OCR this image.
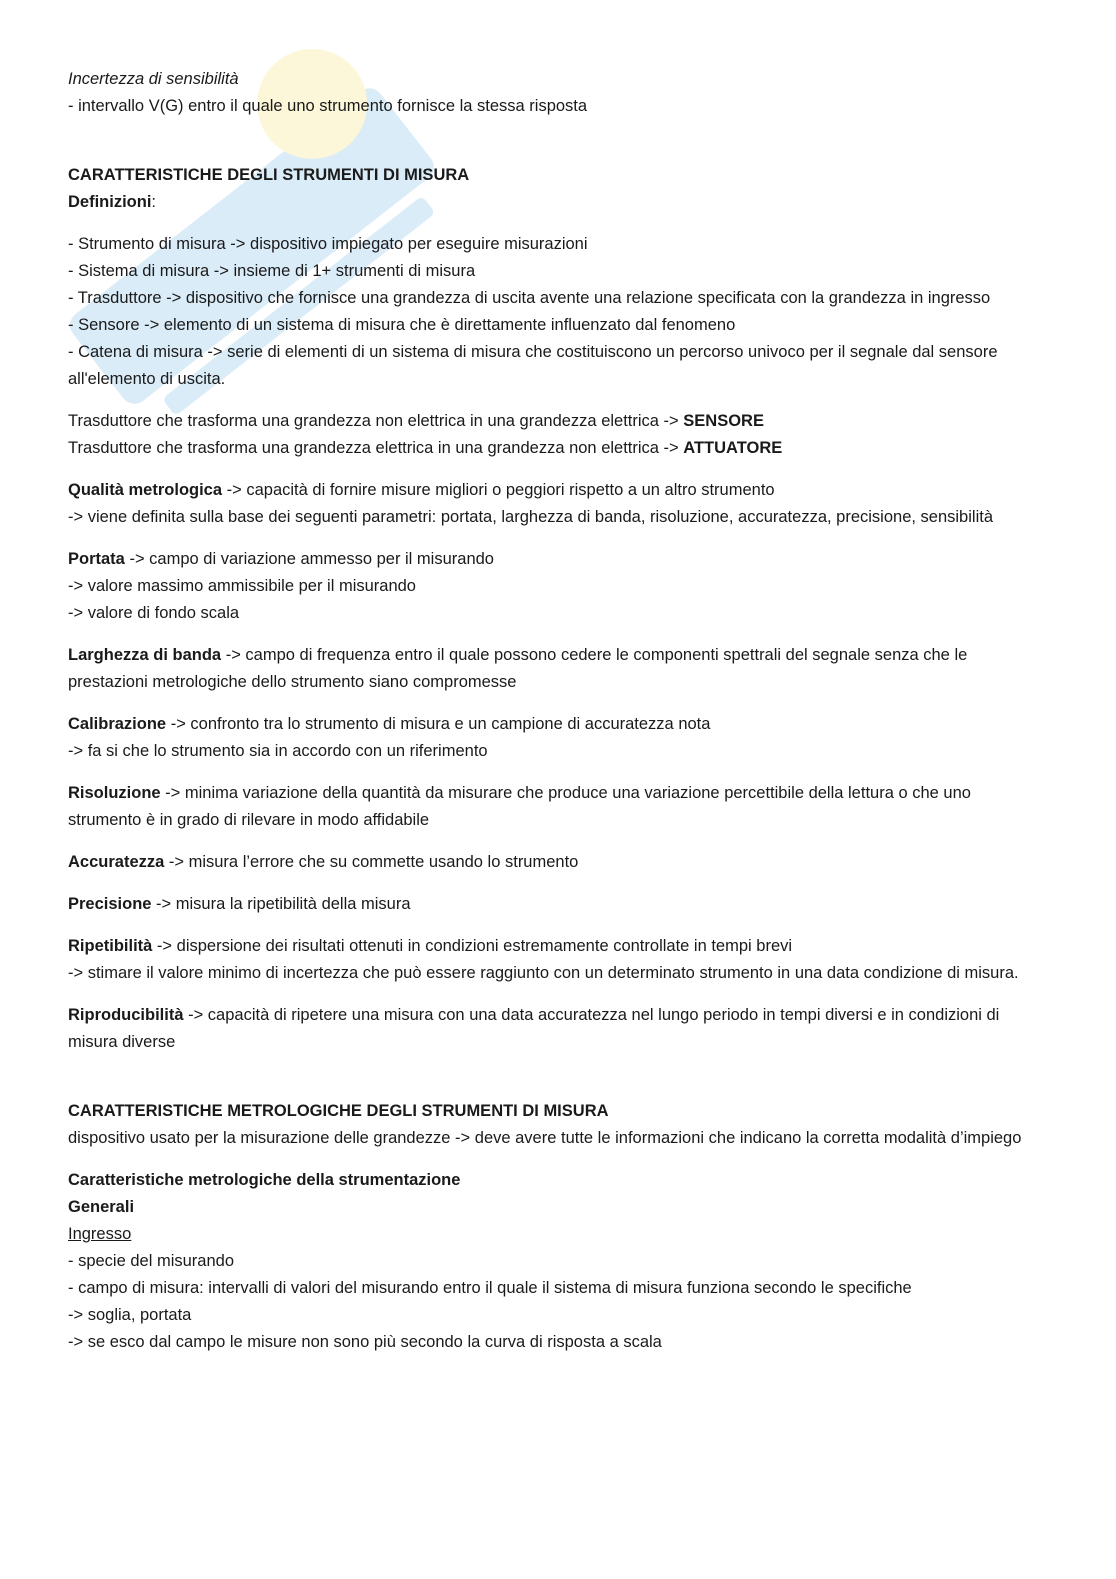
Incertezza di sensibilità
- intervallo V(G) entro il quale uno strumento fornisce la stessa risposta
CARATTERISTICHE DEGLI STRUMENTI DI MISURA
Definizioni:
- Strumento di misura -> dispositivo impiegato per eseguire misurazioni
- Sistema di misura -> insieme di 1+ strumenti di misura
- Trasduttore -> dispositivo che fornisce una grandezza di uscita avente una relazione specificata con la grandezza in ingresso
- Sensore -> elemento di un sistema di misura che è direttamente influenzato dal fenomeno
- Catena di misura -> serie di elementi di un sistema di misura che costituiscono un percorso univoco per il segnale dal sensore all'elemento di uscita.
Trasduttore che trasforma una grandezza non elettrica in una grandezza elettrica -> SENSORE
Trasduttore che trasforma una grandezza elettrica in una grandezza non elettrica -> ATTUATORE
Qualità metrologica -> capacità di fornire misure migliori o peggiori rispetto a un altro strumento
-> viene definita sulla base dei seguenti parametri: portata, larghezza di banda, risoluzione, accuratezza, precisione, sensibilità
Portata -> campo di variazione ammesso per il misurando
-> valore massimo ammissibile per il misurando
-> valore di fondo scala
Larghezza di banda -> campo di frequenza entro il quale possono cedere le componenti spettrali del segnale senza che le prestazioni metrologiche dello strumento siano compromesse
Calibrazione -> confronto tra lo strumento di misura e un campione di accuratezza nota
-> fa si che lo strumento sia in accordo con un riferimento
Risoluzione -> minima variazione della quantità da misurare che produce una variazione percettibile della lettura o che uno strumento è in grado di rilevare in modo affidabile
Accuratezza -> misura l’errore che su commette usando lo strumento
Precisione -> misura la ripetibilità della misura
Ripetibilità -> dispersione dei risultati ottenuti in condizioni estremamente controllate in tempi brevi
-> stimare il valore minimo di incertezza che può essere raggiunto con un determinato strumento in una data condizione di misura.
Riproducibilità -> capacità di ripetere una misura con una data accuratezza nel lungo periodo in tempi diversi e in condizioni di misura diverse
CARATTERISTICHE METROLOGICHE DEGLI STRUMENTI DI MISURA
dispositivo usato per la misurazione delle grandezze -> deve avere tutte le informazioni che indicano la corretta modalità d’impiego
Caratteristiche metrologiche della strumentazione
Generali
Ingresso
- specie del misurando
- campo di misura: intervalli di valori del misurando entro il quale il sistema di misura funziona secondo le specifiche
-> soglia, portata
-> se esco dal campo le misure non sono più secondo la curva di risposta a scala
